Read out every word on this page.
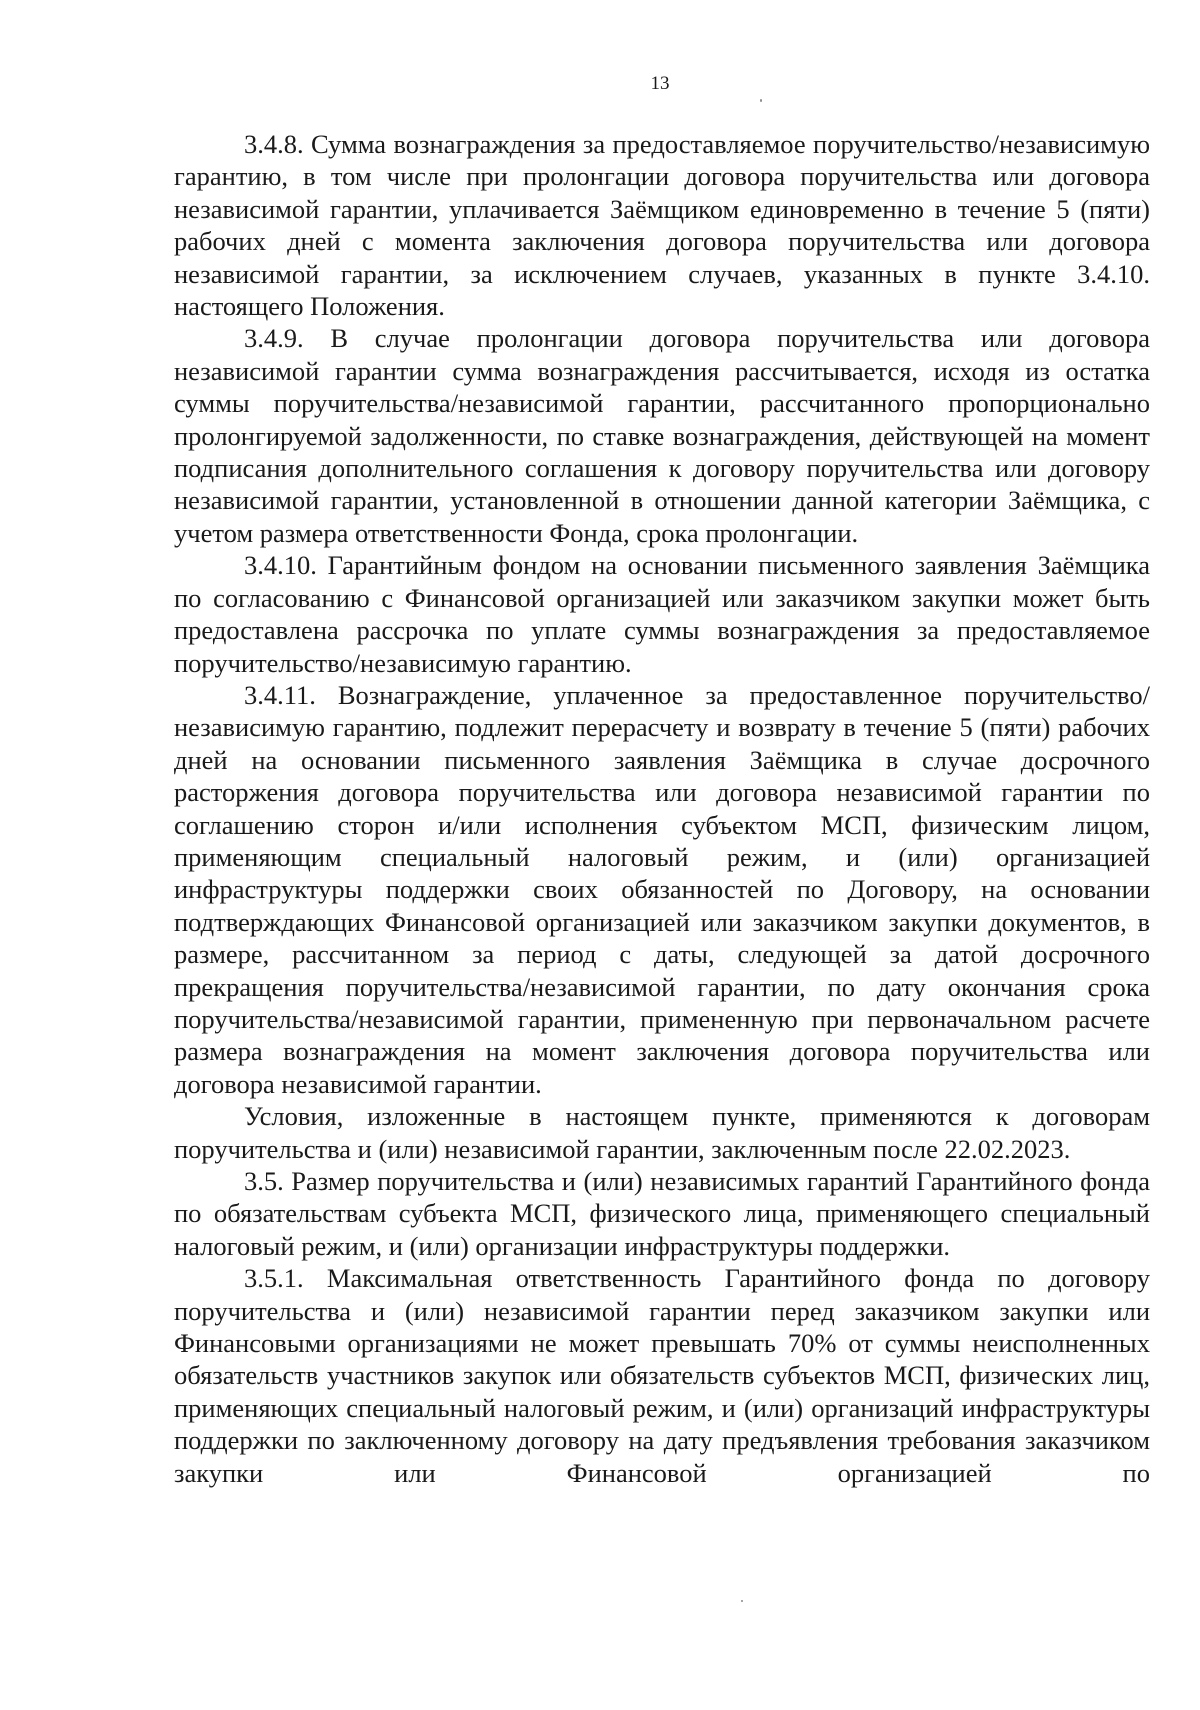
13

3.4.8. Сумма вознаграждения за предоставляемое поручительство/независимую гарантию, в том числе при пролонгации договора поручительства или договора независимой гарантии, уплачивается Заёмщиком единовременно в течение 5 (пяти) рабочих дней с момента заключения договора поручительства или договора независимой гарантии, за исключением случаев, указанных в пункте 3.4.10. настоящего Положения.

3.4.9. В случае пролонгации договора поручительства или договора независимой гарантии сумма вознаграждения рассчитывается, исходя из остатка суммы поручительства/независимой гарантии, рассчитанного пропорционально пролонгируемой задолженности, по ставке вознаграждения, действующей на момент подписания дополнительного соглашения к договору поручительства или договору независимой гарантии, установленной в отношении данной категории Заёмщика, с учетом размера ответственности Фонда, срока пролонгации.

3.4.10. Гарантийным фондом на основании письменного заявления Заёмщика по согласованию с Финансовой организацией или заказчиком закупки может быть предоставлена рассрочка по уплате суммы вознаграждения за предоставляемое поручительство/независимую гарантию.

3.4.11. Вознаграждение, уплаченное за предоставленное поручительство/независимую гарантию, подлежит перерасчету и возврату в течение 5 (пяти) рабочих дней на основании письменного заявления Заёмщика в случае досрочного расторжения договора поручительства или договора независимой гарантии по соглашению сторон и/или исполнения субъектом МСП, физическим лицом, применяющим специальный налоговый режим, и (или) организацией инфраструктуры поддержки своих обязанностей по Договору, на основании подтверждающих Финансовой организацией или заказчиком закупки документов, в размере, рассчитанном за период с даты, следующей за датой досрочного прекращения поручительства/независимой гарантии, по дату окончания срока поручительства/независимой гарантии, примененную при первоначальном расчете размера вознаграждения на момент заключения договора поручительства или договора независимой гарантии.

Условия, изложенные в настоящем пункте, применяются к договорам поручительства и (или) независимой гарантии, заключенным после 22.02.2023.

3.5. Размер поручительства и (или) независимых гарантий Гарантийного фонда по обязательствам субъекта МСП, физического лица, применяющего специальный налоговый режим, и (или) организации инфраструктуры поддержки.

3.5.1. Максимальная ответственность Гарантийного фонда по договору поручительства и (или) независимой гарантии перед заказчиком закупки или Финансовыми организациями не может превышать 70% от суммы неисполненных обязательств участников закупок или обязательств субъектов МСП, физических лиц, применяющих специальный налоговый режим, и (или) организаций инфраструктуры поддержки по заключенному договору на дату предъявления требования заказчиком закупки или Финансовой организацией по
